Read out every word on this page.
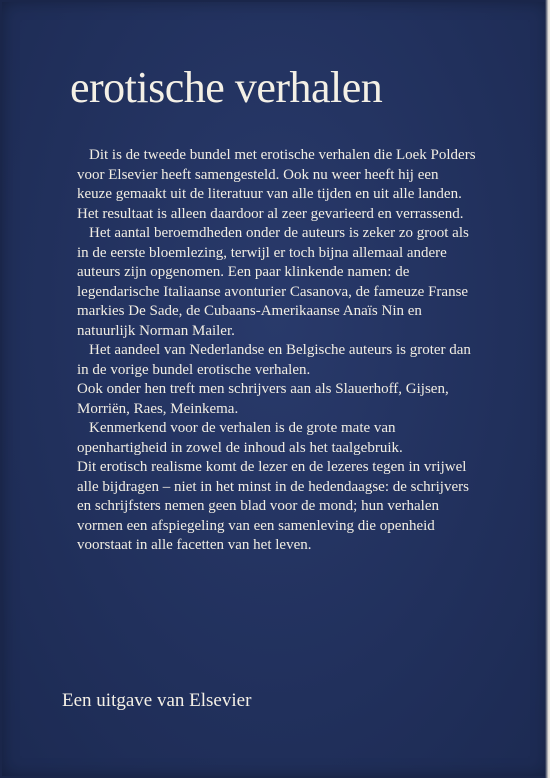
erotische verhalen

Dit is de tweede bundel met erotische verhalen die Loek Polders voor Elsevier heeft samengesteld. Ook nu weer heeft hij een keuze gemaakt uit de literatuur van alle tijden en uit alle landen. Het resultaat is alleen daardoor al zeer gevarieerd en verrassend.

Het aantal beroemdheden onder de auteurs is zeker zo groot als in de eerste bloemlezing, terwijl er toch bijna allemaal andere auteurs zijn opgenomen. Een paar klinkende namen: de legendarische Italiaanse avonturier Casanova, de fameuze Franse markies De Sade, de Cubaans-Amerikaanse Anaïs Nin en natuurlijk Norman Mailer.

Het aandeel van Nederlandse en Belgische auteurs is groter dan in de vorige bundel erotische verhalen.

Ook onder hen treft men schrijvers aan als Slauerhoff, Gijsen, Morriën, Raes, Meinkema.

Kenmerkend voor de verhalen is de grote mate van openhartigheid in zowel de inhoud als het taalgebruik.

Dit erotisch realisme komt de lezer en de lezeres tegen in vrijwel alle bijdragen – niet in het minst in de hedendaagse: de schrijvers en schrijfsters nemen geen blad voor de mond; hun verhalen vormen een afspiegeling van een samenleving die openheid voorstaat in alle facetten van het leven.

Een uitgave van Elsevier
